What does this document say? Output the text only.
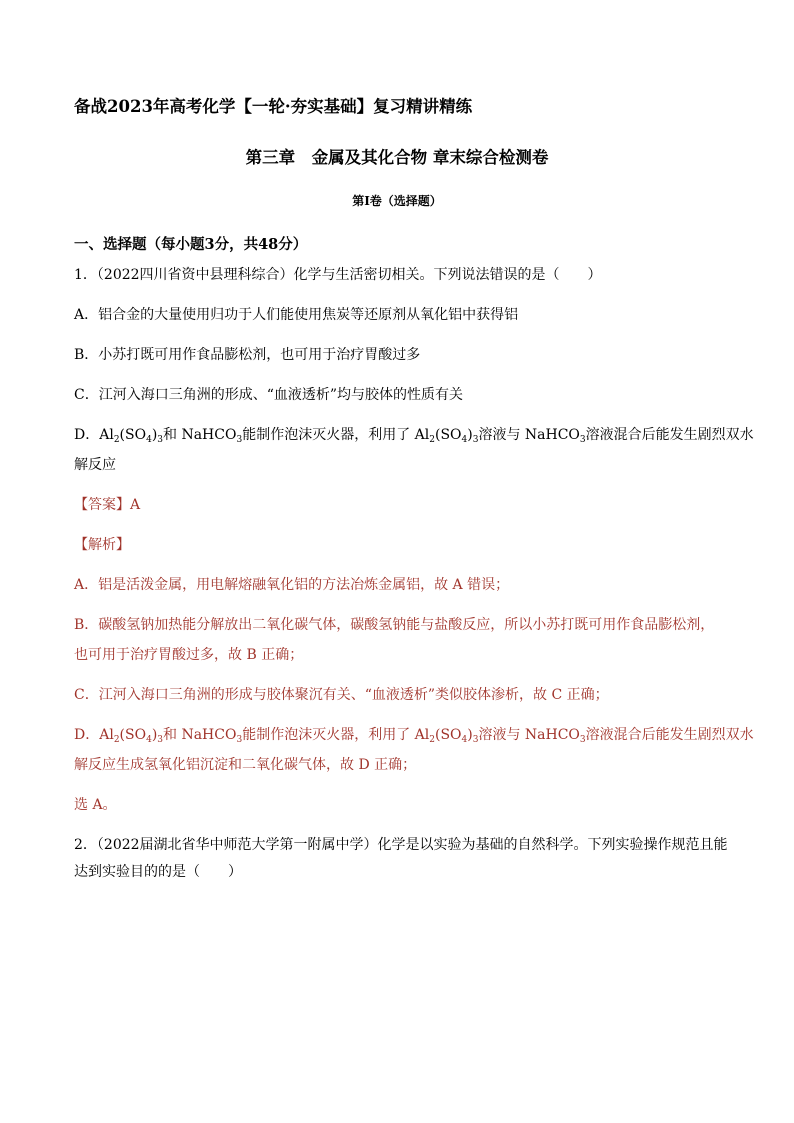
备战2023年高考化学【一轮·夯实基础】复习精讲精练
第三章　金属及其化合物 章末综合检测卷
第Ⅰ卷（选择题）
一、选择题（每小题3分，共48分）
1．（2022四川省资中县理科综合）化学与生活密切相关。下列说法错误的是（　　）
A．铝合金的大量使用归功于人们能使用焦炭等还原剂从氧化铝中获得铝
B．小苏打既可用作食品膨松剂，也可用于治疗胃酸过多
C．江河入海口三角洲的形成、“血液透析”均与胶体的性质有关
D．$Al_2(SO_4)_3$和 NaHCO$_3$能制作泡沫灭火器，利用了 $Al_2(SO_4)_3$溶液与 NaHCO$_3$溶液混合后能发生剧烈双水
解反应
【答案】A
【解析】
A．铝是活泼金属，用电解熔融氧化铝的方法冶炼金属铝，故 A 错误；
B．碳酸氢钠加热能分解放出二氧化碳气体，碳酸氢钠能与盐酸反应，所以小苏打既可用作食品膨松剂，
也可用于治疗胃酸过多，故 B 正确；
C．江河入海口三角洲的形成与胶体聚沉有关、“血液透析”类似胶体渗析，故 C 正确；
D．$Al_2(SO_4)_3$和 NaHCO$_3$能制作泡沫灭火器，利用了 $Al_2(SO_4)_3$溶液与 NaHCO$_3$溶液混合后能发生剧烈双水
解反应生成氢氧化铝沉淀和二氧化碳气体，故 D 正确；
选 A。
2．（2022届湖北省华中师范大学第一附属中学）化学是以实验为基础的自然科学。下列实验操作规范且能
达到实验目的的是（　　）
